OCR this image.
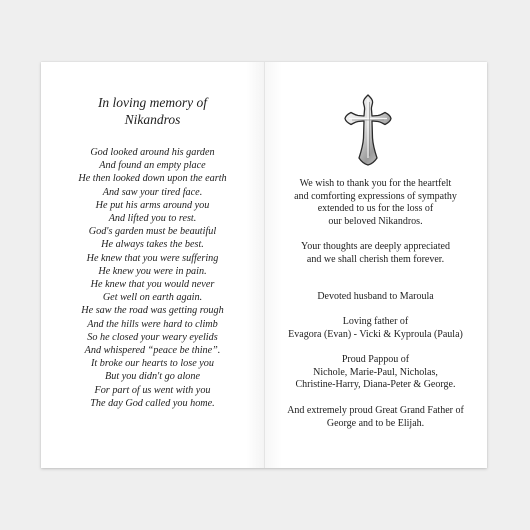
In loving memory of
Nikandros
God looked around his garden
And found an empty place
He then looked down upon the earth
And saw your tired face.
He put his arms around you
And lifted you to rest.
God's garden must be beautiful
He always takes the best.
He knew that you were suffering
He knew you were in pain.
He knew that you would never
Get well on earth again.
He saw the road was getting rough
And the hills were hard to climb
So he closed your weary eyelids
And whispered “peace be thine”.
It broke our hearts to lose you
But you didn't go alone
For part of us went with you
The day God called you home.

We wish to thank you for the heartfelt
and comforting expressions of sympathy
extended to us for the loss of
our beloved Nikandros.

Your thoughts are deeply appreciated
and we shall cherish them forever.

Devoted husband to Maroula

Loving father of
Evagora (Evan) - Vicki & Kyproula (Paula)

Proud Pappou of
Nichole, Marie-Paul, Nicholas,
Christine-Harry, Diana-Peter & George.

And extremely proud Great Grand Father of
George and to be Elijah.
